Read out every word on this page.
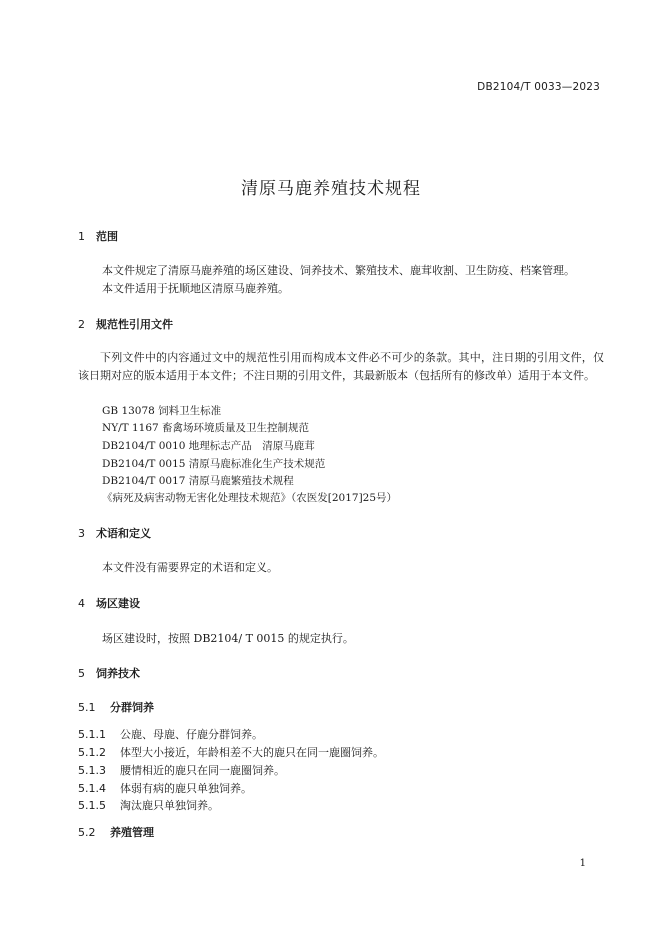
DB2104/T 0033—2023
清原马鹿养殖技术规程
1 范围
本文件规定了清原马鹿养殖的场区建设、饲养技术、繁殖技术、鹿茸收割、卫生防疫、档案管理。
本文件适用于抚顺地区清原马鹿养殖。
2 规范性引用文件
下列文件中的内容通过文中的规范性引用而构成本文件必不可少的条款。其中，注日期的引用文件，仅该日期对应的版本适用于本文件；不注日期的引用文件，其最新版本（包括所有的修改单）适用于本文件。
GB 13078 饲料卫生标准
NY/T 1167 畜禽场环境质量及卫生控制规范
DB2104/T 0010 地理标志产品　清原马鹿茸
DB2104/T 0015 清原马鹿标准化生产技术规范
DB2104/T 0017 清原马鹿繁殖技术规程
《病死及病害动物无害化处理技术规范》（农医发[2017]25号）
3 术语和定义
本文件没有需要界定的术语和定义。
4 场区建设
场区建设时，按照 DB2104/ T 0015 的规定执行。
5 饲养技术
5.1 分群饲养
5.1.1 公鹿、母鹿、仔鹿分群饲养。
5.1.2 体型大小接近，年龄相差不大的鹿只在同一鹿圈饲养。
5.1.3 腰情相近的鹿只在同一鹿圈饲养。
5.1.4 体弱有病的鹿只单独饲养。
5.1.5 淘汰鹿只单独饲养。
5.2 养殖管理
1
